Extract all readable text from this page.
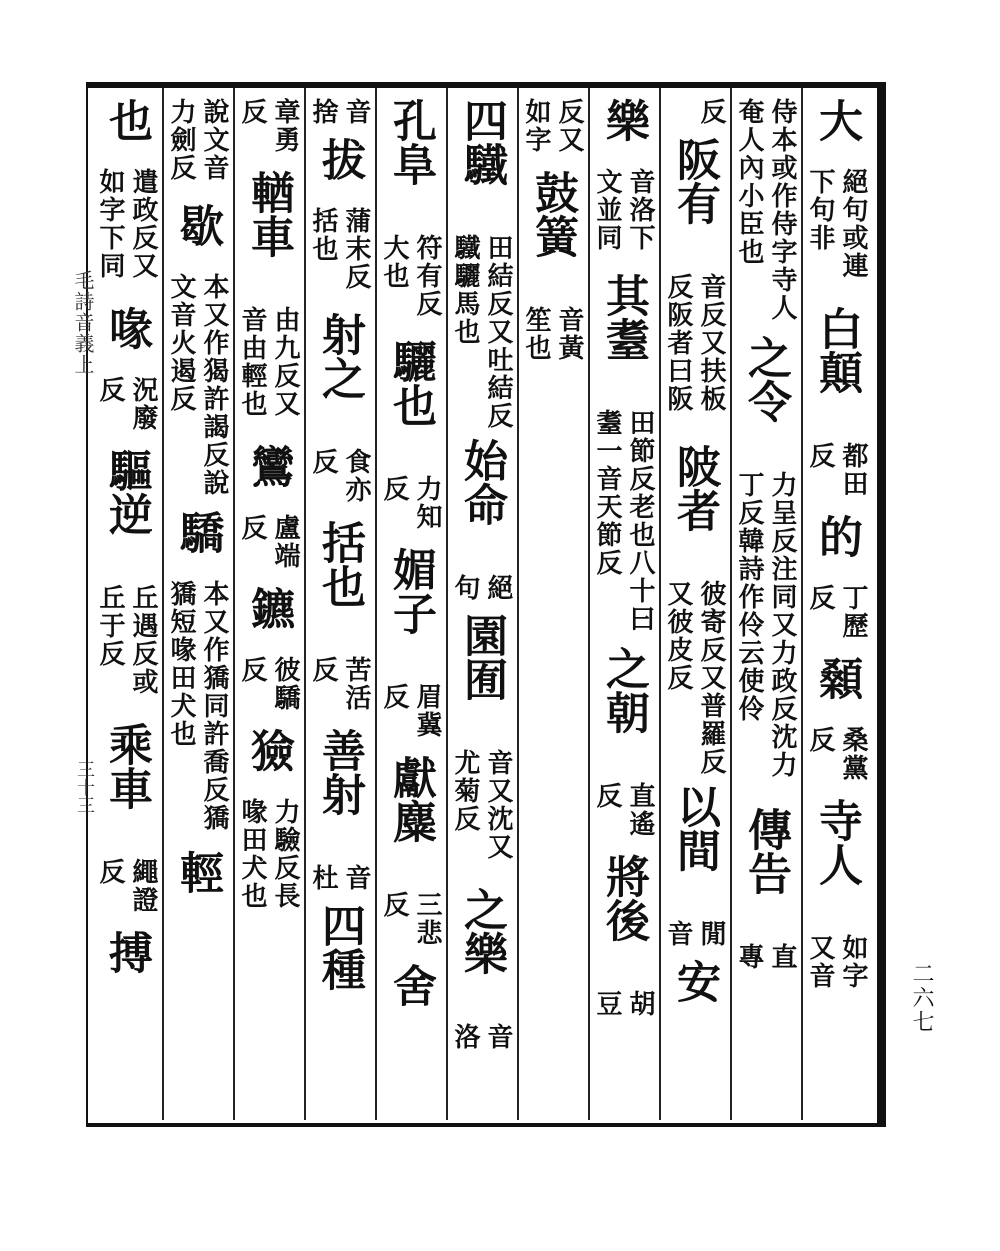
大
絕句或連下句非
白顛
都田反
的
丁歷反
顙
桑黨反
寺人
如字又音
侍本或作侍字寺人奄人內小臣也
之令
力呈反注同又力政反沈力丁反韓詩作伶云使伶
傳告
直專
反
阪有
音反又扶板反阪者曰阪
陂者
彼寄反又普羅反又彼皮反
以間
閒音
安
樂
音洛下文並同
其耋
田節反老也八十曰耋一音天節反
之朝
直遙反
將後
胡豆
反又如字
鼓簧
音黃笙也
四驖
田結反又吐結反驖驪馬也
始命
絕句
園囿
音又沈又尤菊反
之樂
音洛
孔阜
符有反大也
驪也
力知反
媚子
眉冀反
獻麋
三悲反
舍
音捨
拔
蒲末反括也
射之
食亦反
括也
苦活反
善射
音杜
四種
章勇反
輶車
由九反又音由輕也
鸞
盧端反
鑣
彼驕反
獫
力驗反長喙田犬也
說文音力劍反
歇
本又作猲許謁反說文音火遏反
驕
本又作獢同許喬反獢獢短喙田犬也
輕
也
遣政反又如字下同
喙
況廢反
驅逆
丘遇反或丘于反
乘車
繩證反
搏
毛詩音義上
三十三
二六七
